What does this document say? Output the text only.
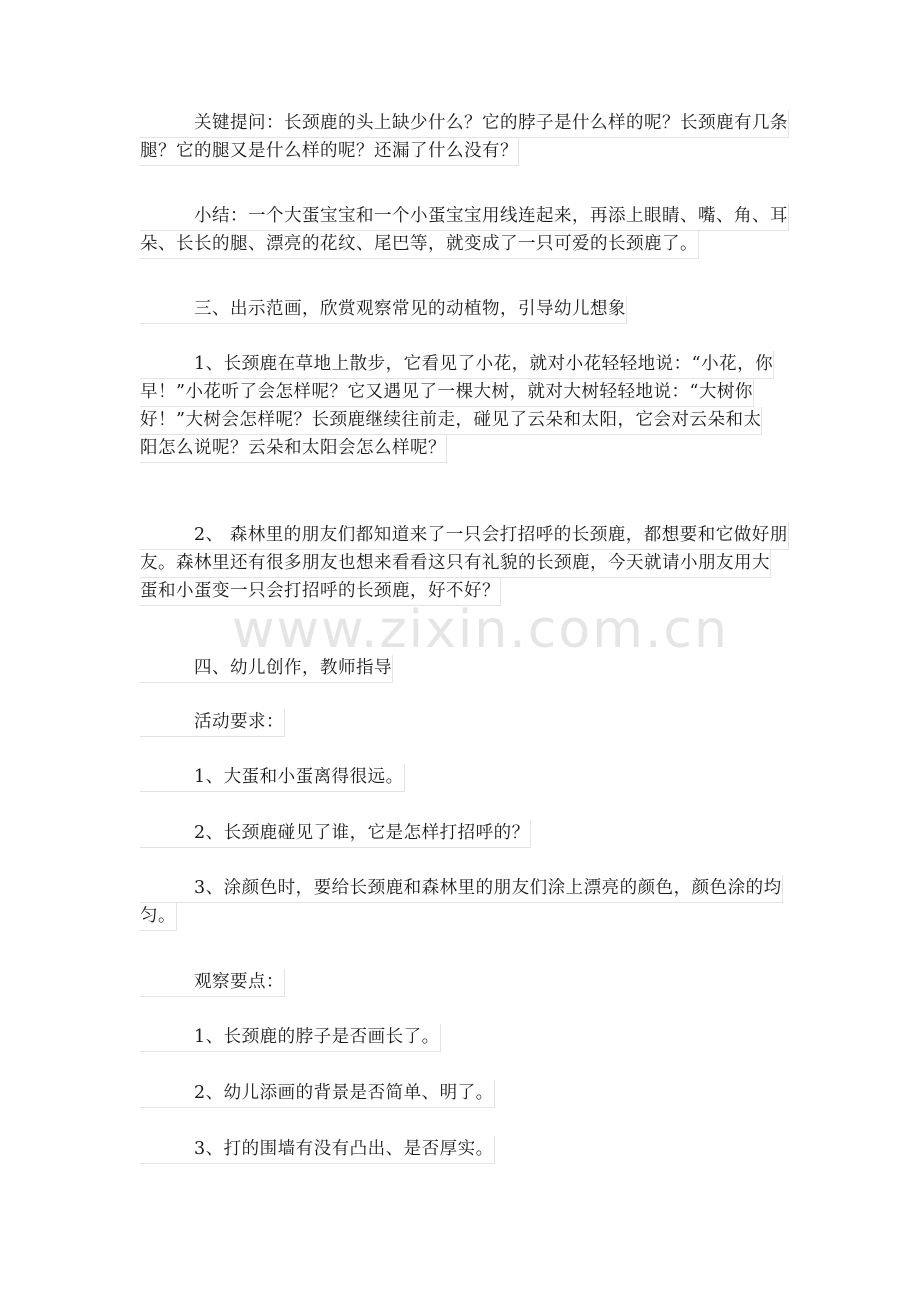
　　　关键提问：长颈鹿的头上缺少什么？它的脖子是什么样的呢？长颈鹿有几条
腿？它的腿又是什么样的呢？还漏了什么没有？
　　　小结：一个大蛋宝宝和一个小蛋宝宝用线连起来，再添上眼睛、嘴、角、耳
朵、长长的腿、漂亮的花纹、尾巴等，就变成了一只可爱的长颈鹿了。
　　　三、出示范画，欣赏观察常见的动植物，引导幼儿想象
　　　1、长颈鹿在草地上散步，它看见了小花，就对小花轻轻地说：“小花，你
早！”小花听了会怎样呢？它又遇见了一棵大树，就对大树轻轻地说：“大树你
好！”大树会怎样呢？长颈鹿继续往前走，碰见了云朵和太阳，它会对云朵和太
阳怎么说呢？云朵和太阳会怎么样呢？
　　　2、 森林里的朋友们都知道来了一只会打招呼的长颈鹿，都想要和它做好朋
友。森林里还有很多朋友也想来看看这只有礼貌的长颈鹿，今天就请小朋友用大
蛋和小蛋变一只会打招呼的长颈鹿，好不好？
　　　四、幼儿创作，教师指导
　　　活动要求：
　　　1、大蛋和小蛋离得很远。
　　　2、长颈鹿碰见了谁，它是怎样打招呼的？
　　　3、涂颜色时，要给长颈鹿和森林里的朋友们涂上漂亮的颜色，颜色涂的均
匀。
　　　观察要点：
　　　1、长颈鹿的脖子是否画长了。
　　　2、幼儿添画的背景是否简单、明了。
　　　3、打的围墙有没有凸出、是否厚实。
www.zixin.com.cn
